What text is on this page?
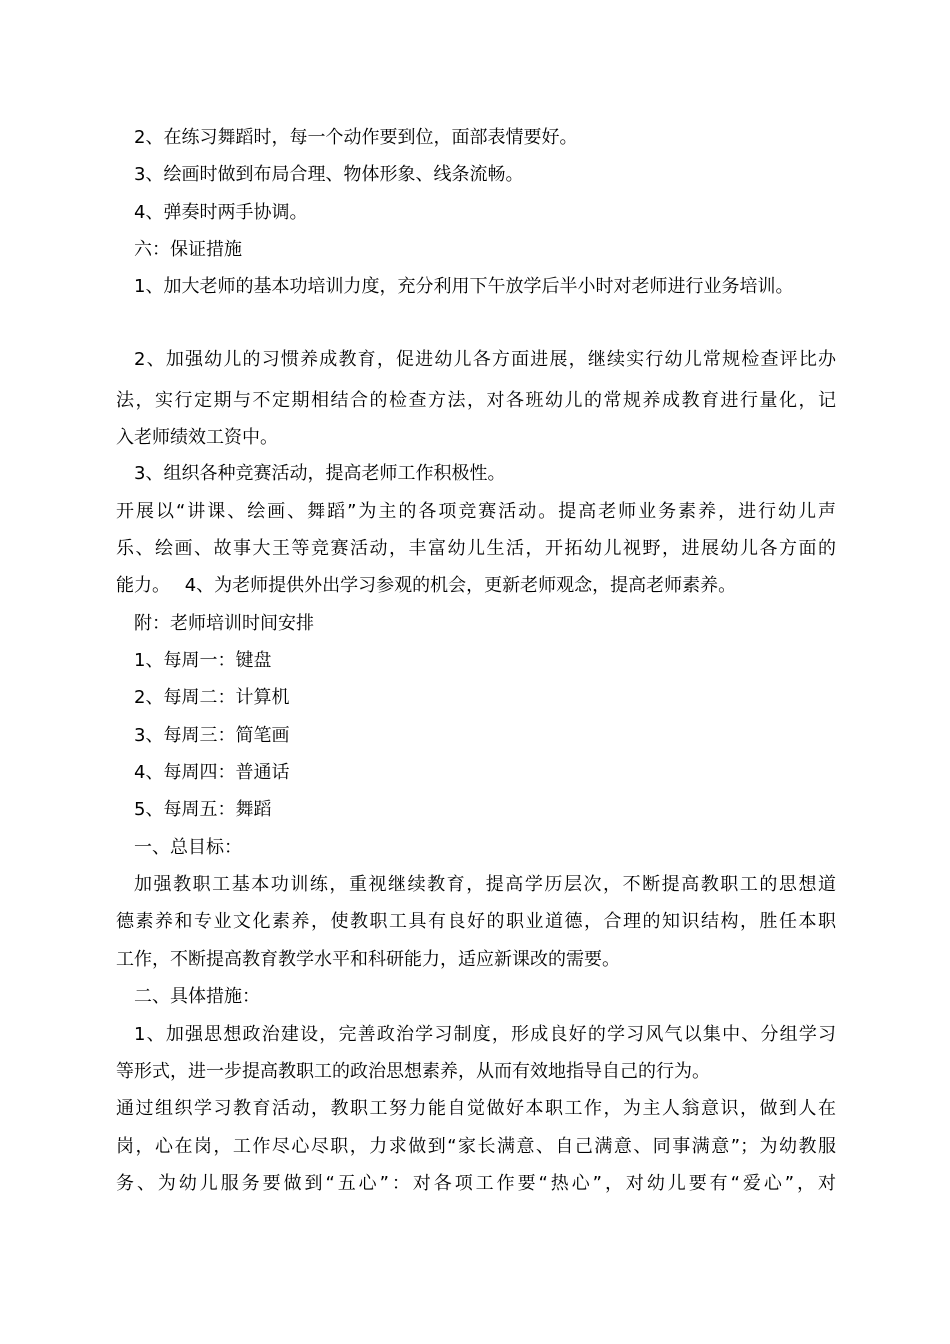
2、在练习舞蹈时，每一个动作要到位，面部表情要好。

3、绘画时做到布局合理、物体形象、线条流畅。

4、弹奏时两手协调。

六：保证措施

1、加大老师的基本功培训力度，充分利用下午放学后半小时对老师进行业务培训。

2、加强幼儿的习惯养成教育，促进幼儿各方面进展，继续实行幼儿常规检查评比办

法，实行定期与不定期相结合的检查方法，对各班幼儿的常规养成教育进行量化，记

入老师绩效工资中。

3、组织各种竞赛活动，提高老师工作积极性。

开展以“讲课、绘画、舞蹈”为主的各项竞赛活动。提高老师业务素养，进行幼儿声

乐、绘画、故事大王等竞赛活动，丰富幼儿生活，开拓幼儿视野，进展幼儿各方面的

能力。　 4、为老师提供外出学习参观的机会，更新老师观念，提高老师素养。

附：老师培训时间安排

1、每周一：键盘

2、每周二：计算机

3、每周三：简笔画

4、每周四：普通话

5、每周五：舞蹈

一、总目标：

加强教职工基本功训练，重视继续教育，提高学历层次，不断提高教职工的思想道

德素养和专业文化素养，使教职工具有良好的职业道德，合理的知识结构，胜任本职

工作，不断提高教育教学水平和科研能力，适应新课改的需要。

二、具体措施：

1、加强思想政治建设，完善政治学习制度，形成良好的学习风气以集中、分组学习

等形式，进一步提高教职工的政治思想素养，从而有效地指导自己的行为。

通过组织学习教育活动，教职工努力能自觉做好本职工作，为主人翁意识，做到人在

岗，心在岗，工作尽心尽职，力求做到“家长满意、自己满意、同事满意”；为幼教服

务、为幼儿服务要做到“五心”：对各项工作要“热心”，对幼儿要有“爱心”，对
